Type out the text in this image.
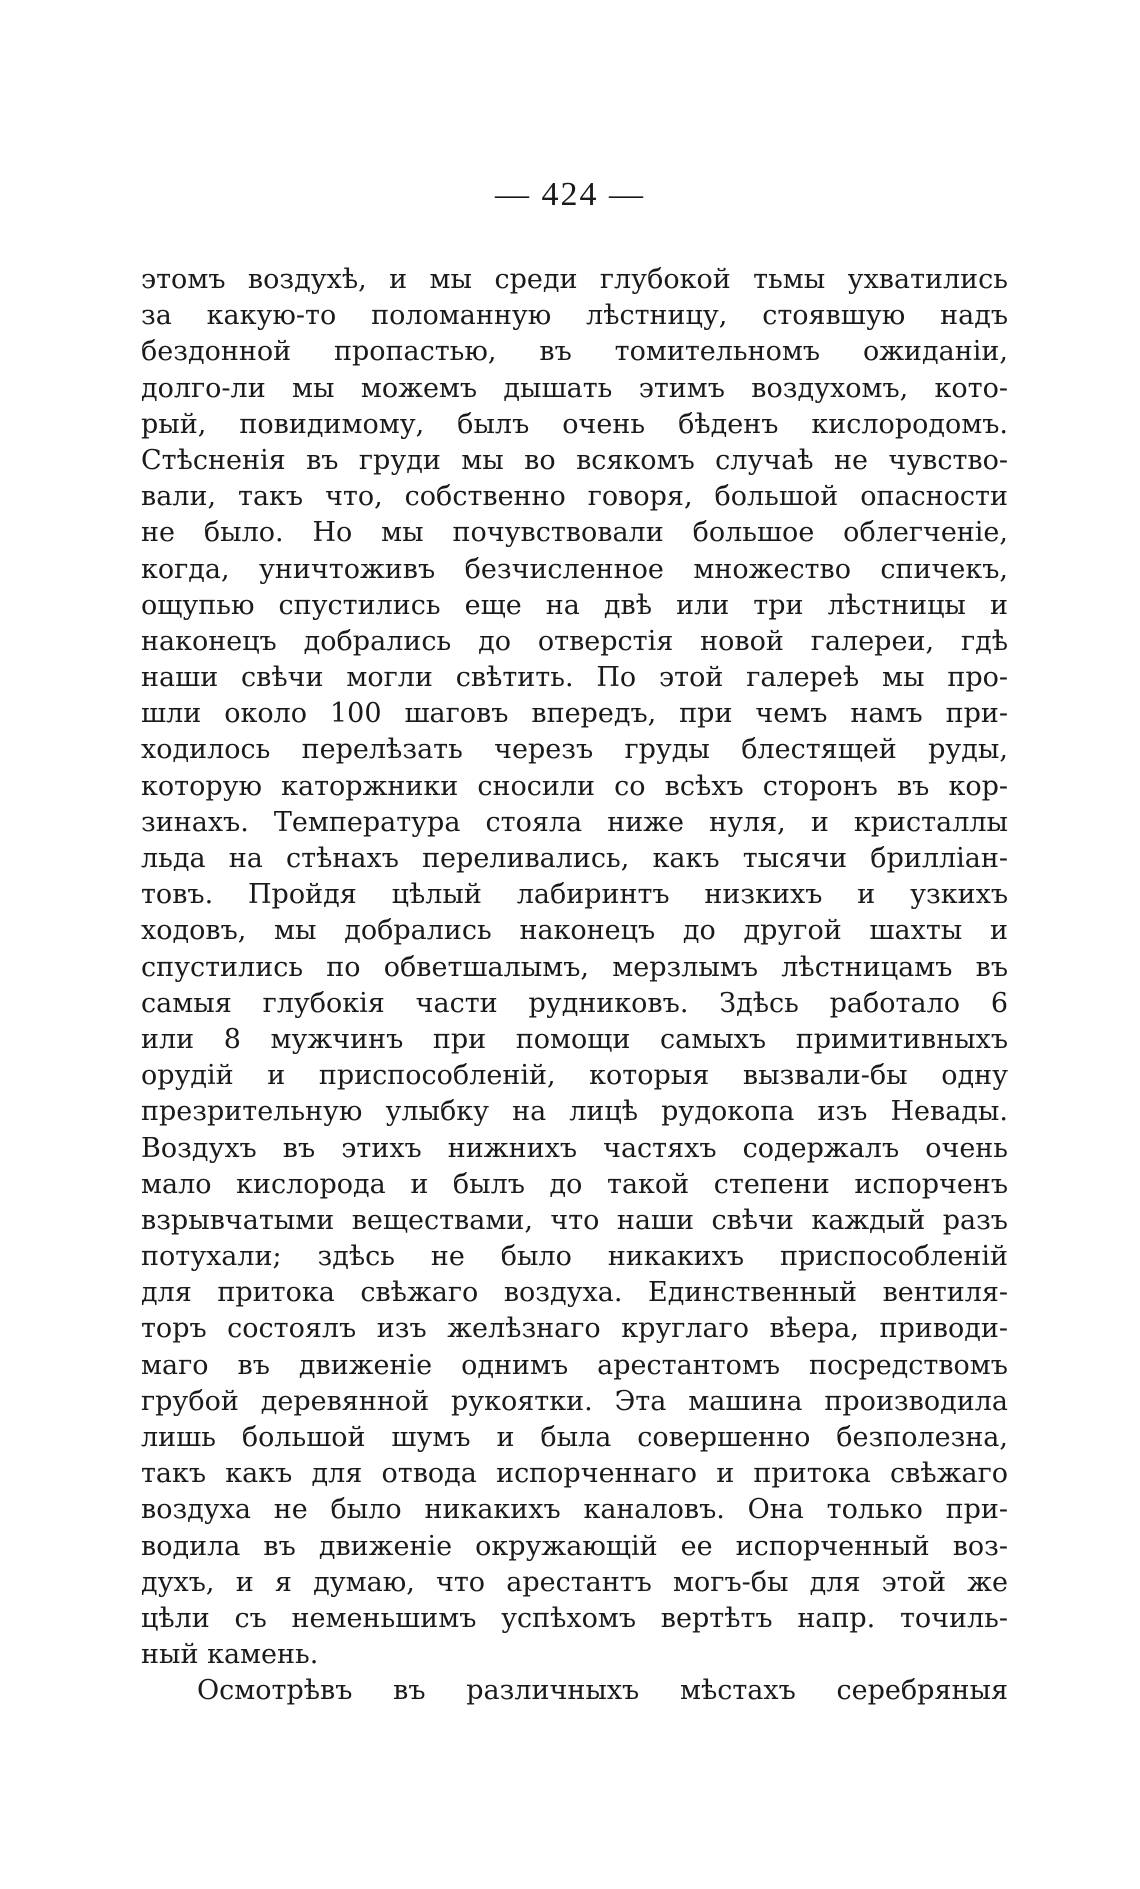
— 424 —
этомъ воздухѣ, и мы среди глубокой тьмы ухватились
за какую-то поломанную лѣстницу, стоявшую надъ
бездонной пропастью, въ томительномъ ожиданіи,
долго-ли мы можемъ дышать этимъ воздухомъ, кото-
рый, повидимому, былъ очень бѣденъ кислородомъ.
Стѣсненія въ груди мы во всякомъ случаѣ не чувство-
вали, такъ что, собственно говоря, большой опасности
не было. Но мы почувствовали большое облегченіе,
когда, уничтоживъ безчисленное множество спичекъ,
ощупью спустились еще на двѣ или три лѣстницы и
наконецъ добрались до отверстія новой галереи, гдѣ
наши свѣчи могли свѣтить. По этой галереѣ мы про-
шли около 100 шаговъ впередъ, при чемъ намъ при-
ходилось перелѣзать черезъ груды блестящей руды,
которую каторжники сносили со всѣхъ сторонъ въ кор-
зинахъ. Температура стояла ниже нуля, и кристаллы
льда на стѣнахъ переливались, какъ тысячи брилліан-
товъ. Пройдя цѣлый лабиринтъ низкихъ и узкихъ
ходовъ, мы добрались наконецъ до другой шахты и
спустились по обветшалымъ, мерзлымъ лѣстницамъ въ
самыя глубокія части рудниковъ. Здѣсь работало 6
или 8 мужчинъ при помощи самыхъ примитивныхъ
орудій и приспособленій, которыя вызвали-бы одну
презрительную улыбку на лицѣ рудокопа изъ Невады.
Воздухъ въ этихъ нижнихъ частяхъ содержалъ очень
мало кислорода и былъ до такой степени испорченъ
взрывчатыми веществами, что наши свѣчи каждый разъ
потухали; здѣсь не было никакихъ приспособленій
для притока свѣжаго воздуха. Единственный вентиля-
торъ состоялъ изъ желѣзнаго круглаго вѣера, приводи-
маго въ движеніе однимъ арестантомъ посредствомъ
грубой деревянной рукоятки. Эта машина производила
лишь большой шумъ и была совершенно безполезна,
такъ какъ для отвода испорченнаго и притока свѣжаго
воздуха не было никакихъ каналовъ. Она только при-
водила въ движеніе окружающій ее испорченный воз-
духъ, и я думаю, что арестантъ могъ-бы для этой же
цѣли съ неменьшимъ успѣхомъ вертѣтъ напр. точиль-
ный камень.
Осмотрѣвъ въ различныхъ мѣстахъ серебряныя
